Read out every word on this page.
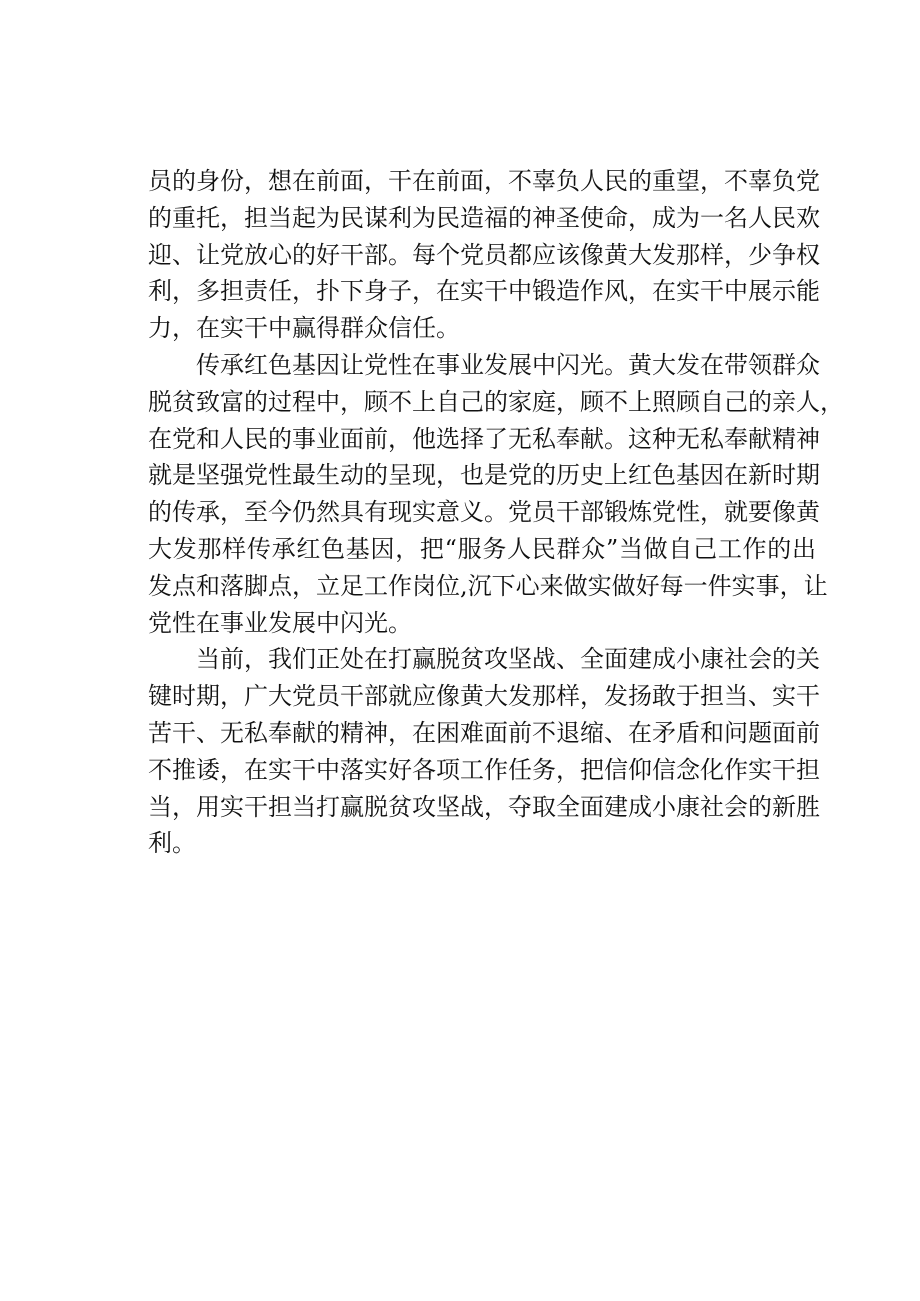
员的身份，想在前面，干在前面，不辜负人民的重望，不辜负党
的重托，担当起为民谋利为民造福的神圣使命，成为一名人民欢
迎、让党放心的好干部。每个党员都应该像黄大发那样，少争权
利，多担责任，扑下身子，在实干中锻造作风，在实干中展示能
力，在实干中赢得群众信任。
传承红色基因让党性在事业发展中闪光。黄大发在带领群众
脱贫致富的过程中，顾不上自己的家庭，顾不上照顾自己的亲人，
在党和人民的事业面前，他选择了无私奉献。这种无私奉献精神
就是坚强党性最生动的呈现，也是党的历史上红色基因在新时期
的传承，至今仍然具有现实意义。党员干部锻炼党性，就要像黄
大发那样传承红色基因，把“服务人民群众”当做自己工作的出
发点和落脚点，立足工作岗位,沉下心来做实做好每一件实事，让
党性在事业发展中闪光。
当前，我们正处在打赢脱贫攻坚战、全面建成小康社会的关
键时期，广大党员干部就应像黄大发那样，发扬敢于担当、实干
苦干、无私奉献的精神，在困难面前不退缩、在矛盾和问题面前
不推诿，在实干中落实好各项工作任务，把信仰信念化作实干担
当，用实干担当打赢脱贫攻坚战，夺取全面建成小康社会的新胜
利。
